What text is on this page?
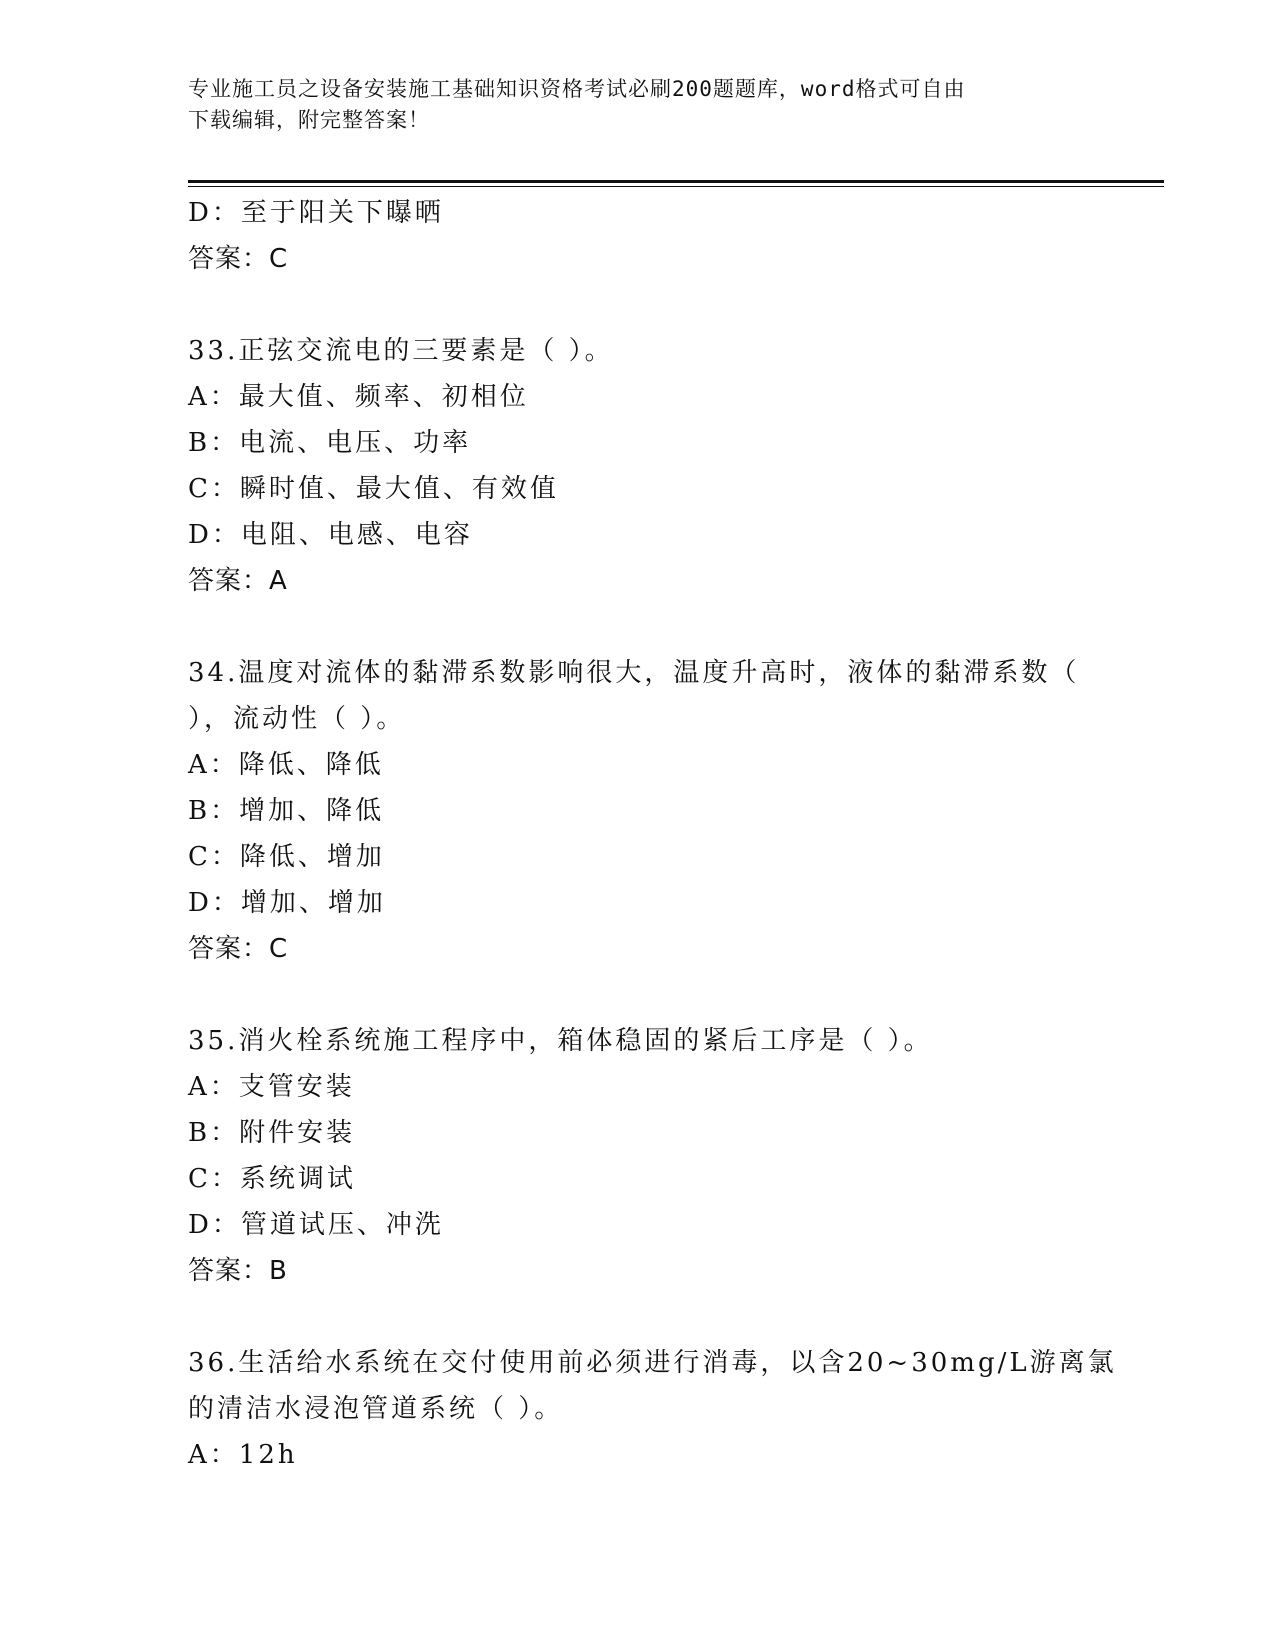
专业施工员之设备安装施工基础知识资格考试必刷200题题库，word格式可自由
下载编辑，附完整答案！
D：至于阳关下曝晒
答案：C
33.正弦交流电的三要素是（ ）。
A：最大值、频率、初相位
B：电流、电压、功率
C：瞬时值、最大值、有效值
D：电阻、电感、电容
答案：A
34.温度对流体的黏滞系数影响很大，温度升高时，液体的黏滞系数（
），流动性（ ）。
A：降低、降低
B：增加、降低
C：降低、增加
D：增加、增加
答案：C
35.消火栓系统施工程序中，箱体稳固的紧后工序是（ ）。
A：支管安装
B：附件安装
C：系统调试
D：管道试压、冲洗
答案：B
36.生活给水系统在交付使用前必须进行消毒，以含20~30mg/L游离氯
的清洁水浸泡管道系统（ ）。
A：12h
